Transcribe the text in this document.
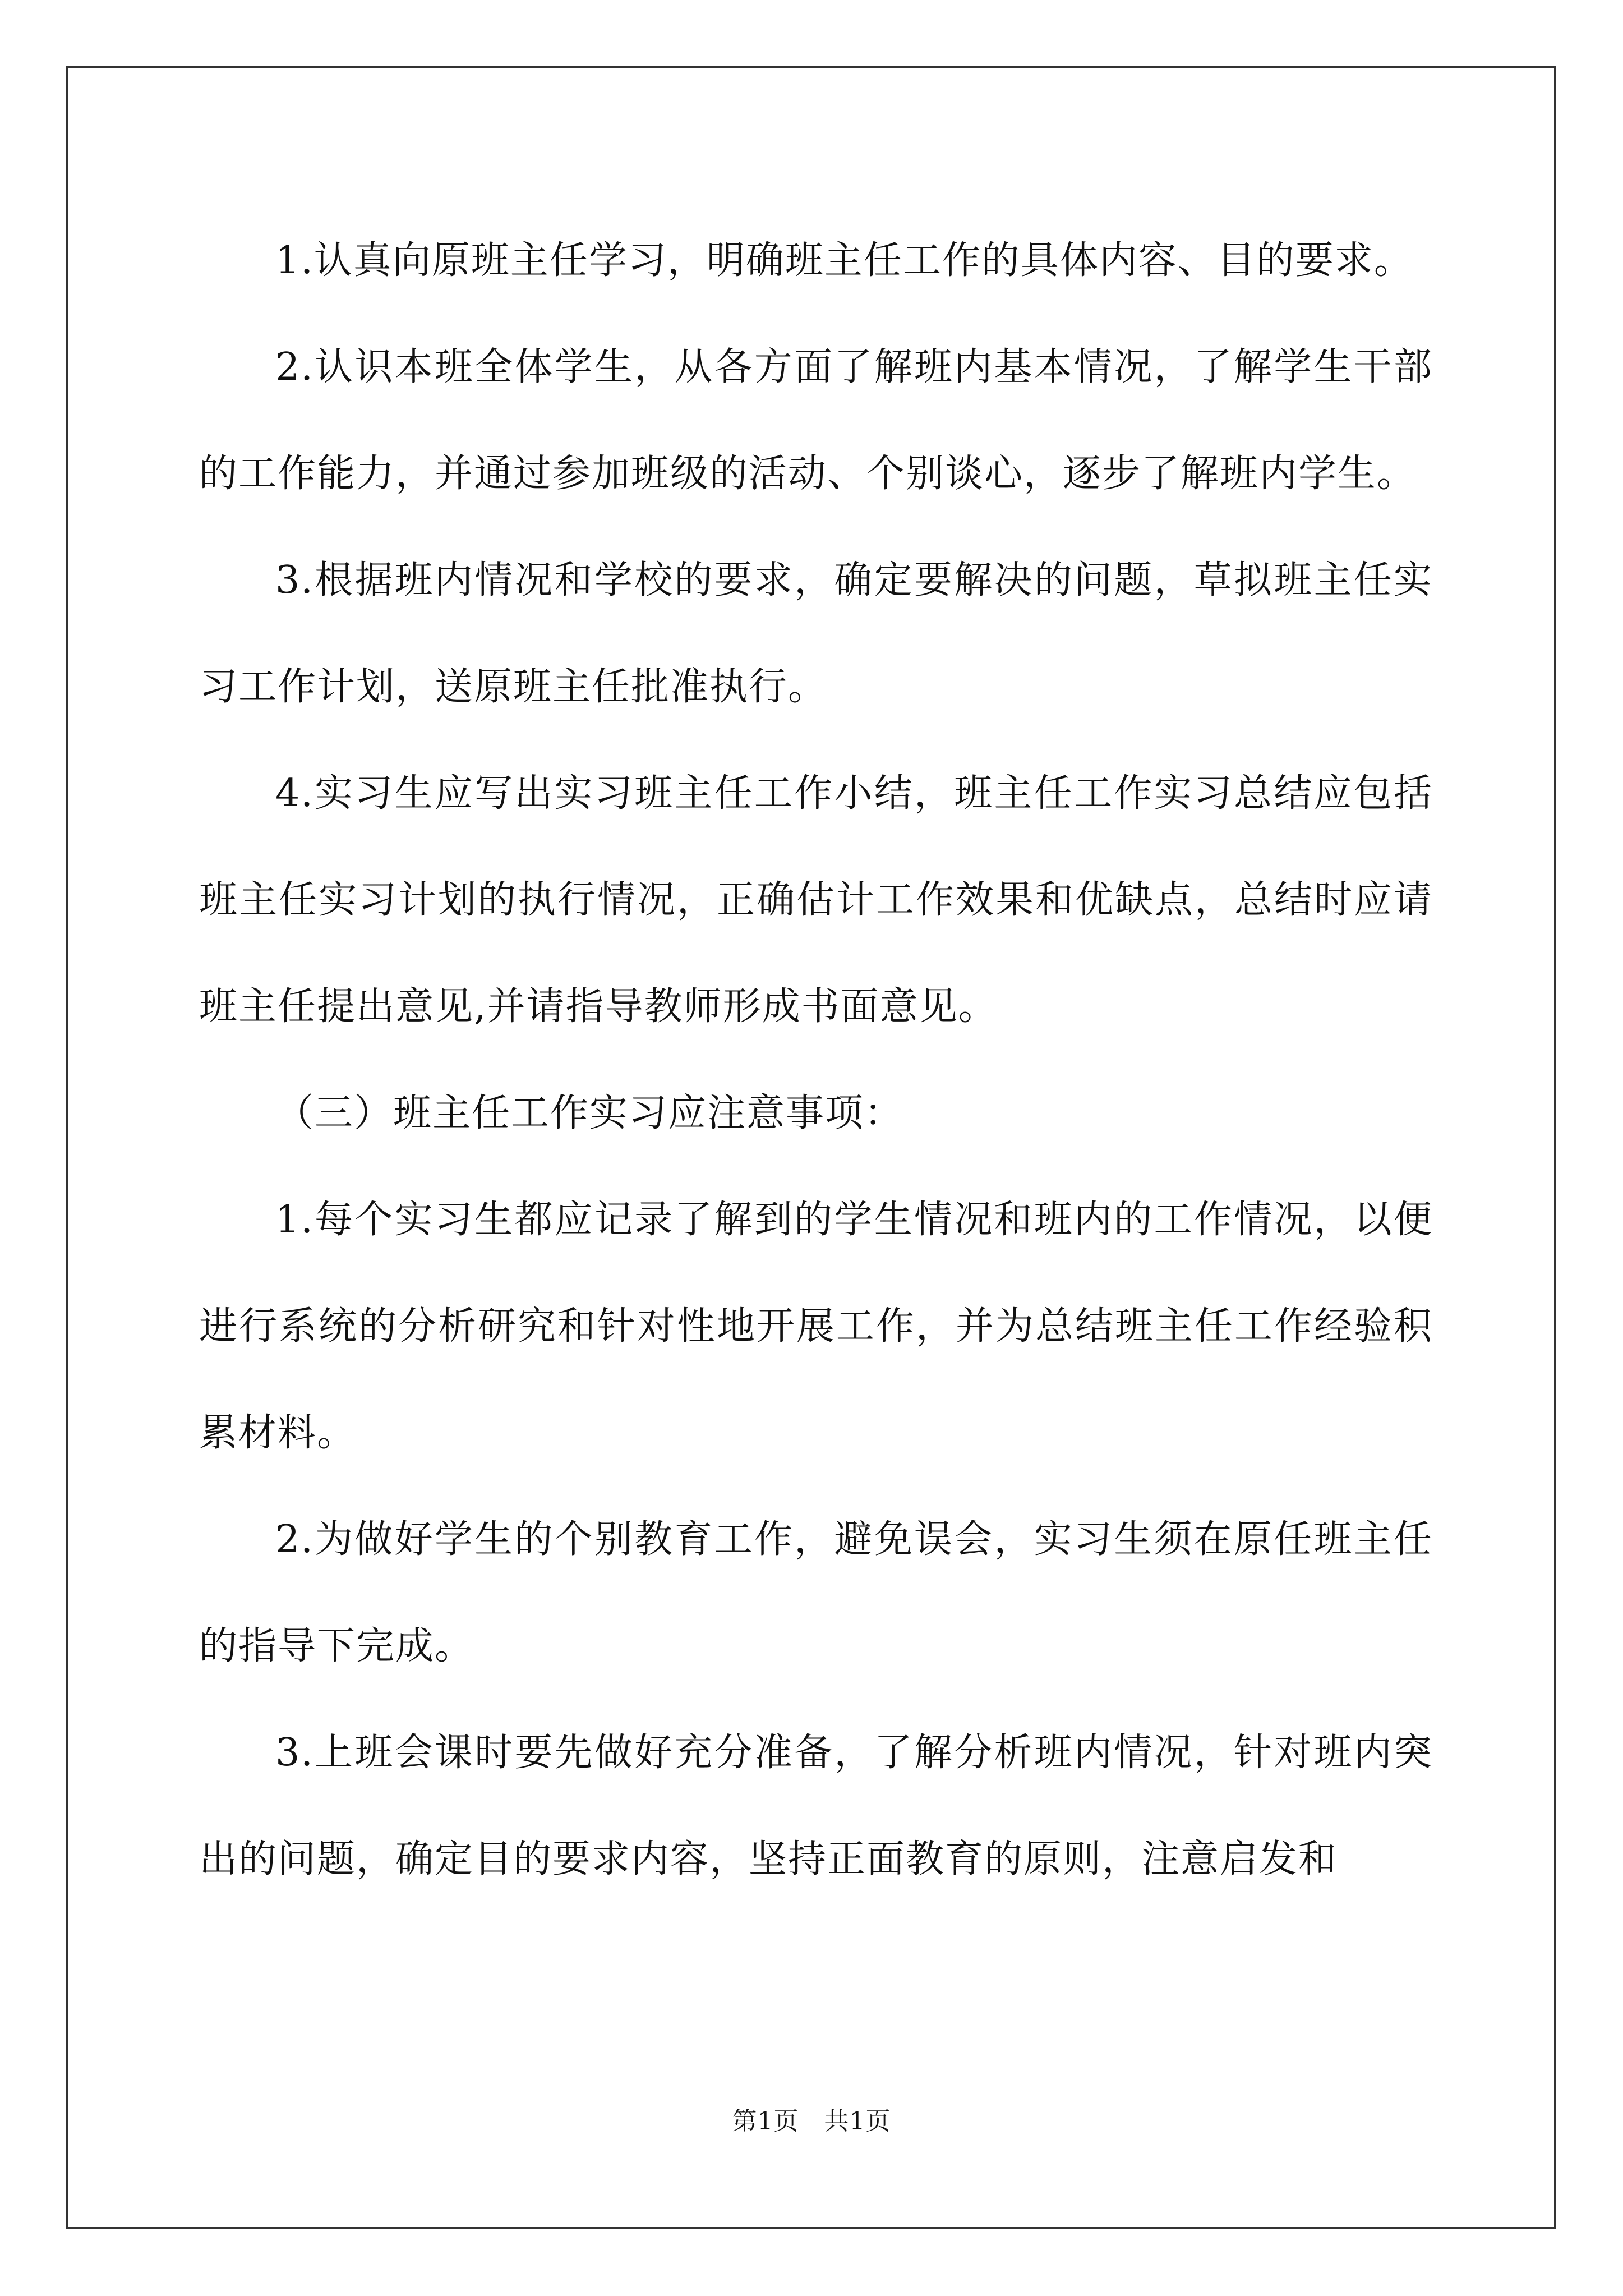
1.认真向原班主任学习，明确班主任工作的具体内容、目的要求。

2.认识本班全体学生，从各方面了解班内基本情况，了解学生干部的工作能力，并通过参加班级的活动、个别谈心，逐步了解班内学生。

3.根据班内情况和学校的要求，确定要解决的问题，草拟班主任实习工作计划，送原班主任批准执行。

4.实习生应写出实习班主任工作小结，班主任工作实习总结应包括班主任实习计划的执行情况，正确估计工作效果和优缺点，总结时应请班主任提出意见,并请指导教师形成书面意见。

（三）班主任工作实习应注意事项：

1.每个实习生都应记录了解到的学生情况和班内的工作情况，以便进行系统的分析研究和针对性地开展工作，并为总结班主任工作经验积累材料。

2.为做好学生的个别教育工作，避免误会，实习生须在原任班主任的指导下完成。

3.上班会课时要先做好充分准备，了解分析班内情况，针对班内突出的问题，确定目的要求内容，坚持正面教育的原则，注意启发和

第1页　共1页
